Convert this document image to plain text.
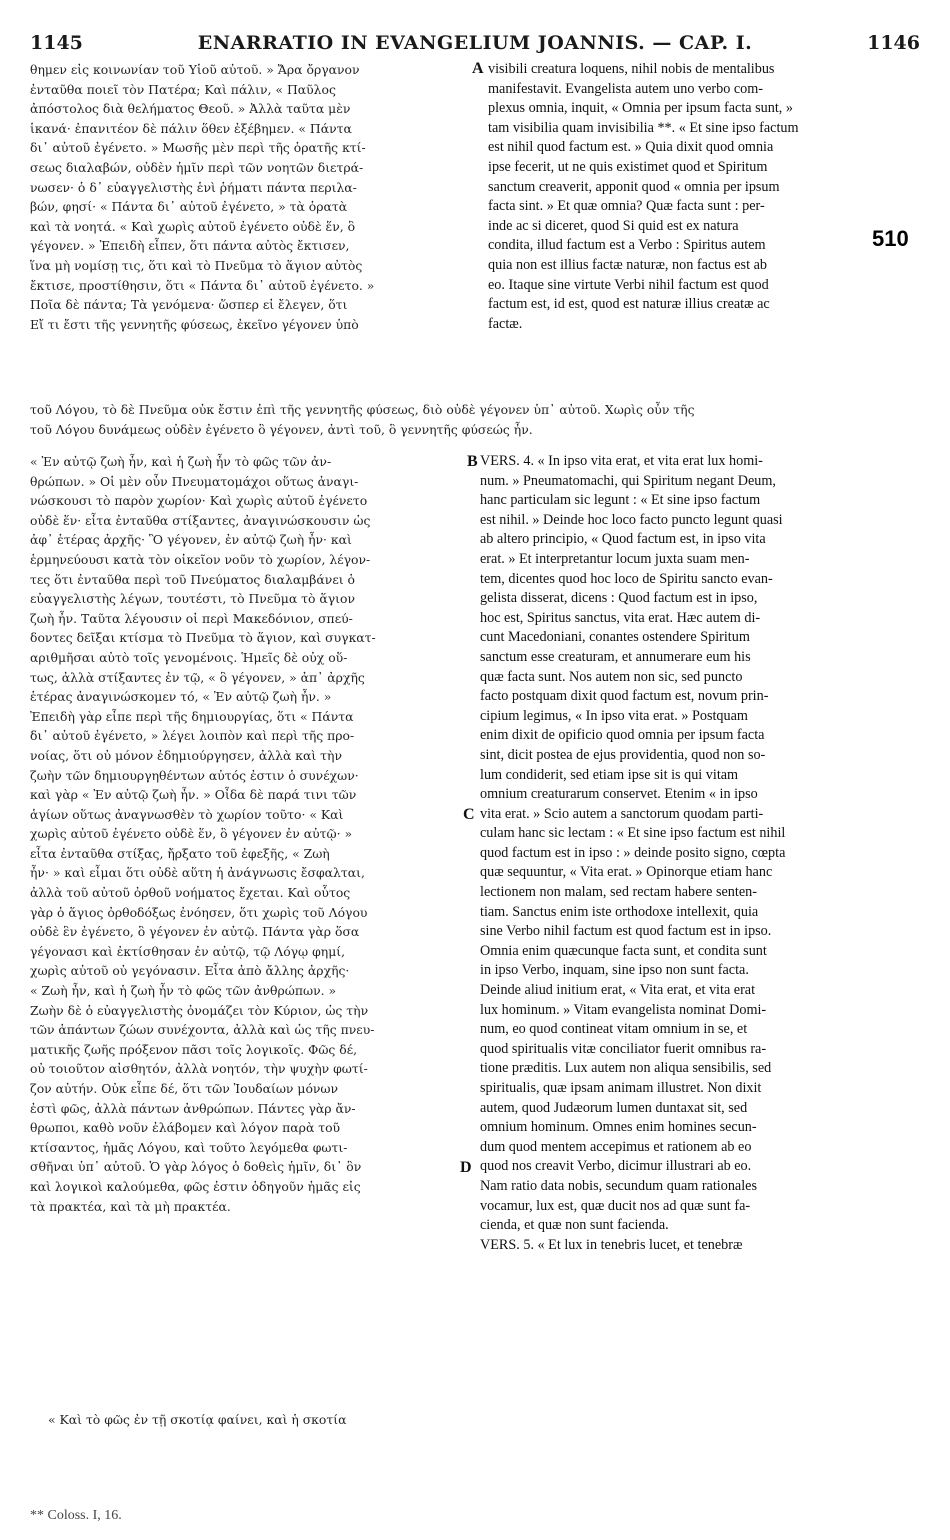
1145	ENARRATIO IN EVANGELIUM JOANNIS. — CAP. I.	1146
θημεν εἰς κοινωνίαν τοῦ Υἱοῦ αὐτοῦ. » Ἄρα ὄργανον
ἐνταῦθα ποιεῖ τὸν Πατέρα; Καὶ πάλιν, « Παῦλος
ἀπόστολος διὰ θελήματος Θεοῦ. » Ἀλλὰ ταῦτα μὲν
ἱκανά· ἐπανιτέον δὲ πάλιν ὅθεν ἐξέβημεν. « Πάντα
δι᾽ αὐτοῦ ἐγένετο. » Μωσῆς μὲν περὶ τῆς ὁρατῆς κτί-
σεως διαλαβών, οὐδὲν ἡμῖν περὶ τῶν νοητῶν διετρά-
νωσεν· ὁ δ᾽ εὐαγγελιστὴς ἑνὶ ῥήματι πάντα περιλα-
βών, φησί· « Πάντα δι᾽ αὐτοῦ ἐγένετο, » τὰ ὁρατὰ
καὶ τὰ νοητά. « Καὶ χωρὶς αὐτοῦ ἐγένετο οὐδὲ ἕν, ὃ
γέγονεν. » Ἐπειδὴ εἶπεν, ὅτι πάντα αὐτὸς ἔκτισεν,
ἵνα μὴ νομίσῃ τις, ὅτι καὶ τὸ Πνεῦμα τὸ ἅγιον αὐτὸς
ἔκτισε, προστίθησιν, ὅτι « Πάντα δι᾽ αὐτοῦ ἐγένετο. »
Ποῖα δὲ πάντα; Τὰ γενόμενα· ὥσπερ εἰ ἔλεγεν, ὅτι
Εἴ τι ἔστι τῆς γεννητῆς φύσεως, ἐκεῖνο γέγονεν ὑπὸ
A visibili creatura loquens, nihil nobis de mentalibus
manifestavit. Evangelista autem uno verbo com-
plexus omnia, inquit, « Omnia per ipsum facta sunt, »
tam visibilia quam invisibilia **. « Et sine ipso factum
est nihil quod factum est. » Quia dixit quod omnia
ipse fecerit, ut ne quis existimet quod et Spiritum
sanctum creaverit, apponit quod « omnia per ipsum
facta sint. » Et quæ omnia? Quæ facta sunt : per-
inde ac si diceret, quod Si quid est ex natura
condita, illud factum est a Verbo : Spiritus autem
quia non est illius factæ naturæ, non factus est ab
eo. Itaque sine virtute Verbi nihil factum est quod
factum est, id est, quod est naturæ illius creatæ ac
factæ.
510
τοῦ Λόγου, τὸ δὲ Πνεῦμα οὐκ ἔστιν ἐπὶ τῆς γεννητῆς φύσεως, διὸ οὐδὲ γέγονεν ὑπ᾽ αὐτοῦ. Χωρὶς οὖν τῆς
τοῦ Λόγου δυνάμεως οὐδὲν ἐγένετο ὃ γέγονεν, ἀντὶ τοῦ, ὃ γεννητῆς φύσεώς ἦν.
« Ἐν αὐτῷ ζωὴ ἦν, καὶ ἡ ζωὴ ἦν τὸ φῶς τῶν ἀν-
θρώπων. » Οἱ μὲν οὖν Πνευματομάχοι οὕτως ἀναγι-
νώσκουσι τὸ παρὸν χωρίον· Καὶ χωρὶς αὐτοῦ ἐγένετο
οὐδὲ ἕν· εἶτα ἐνταῦθα στίξαντες, ἀναγινώσκουσιν ὡς
ἀφ᾽ ἑτέρας ἀρχῆς· Ὃ γέγονεν, ἐν αὐτῷ ζωὴ ἦν· καὶ
ἑρμηνεύουσι κατὰ τὸν οἰκεῖον νοῦν τὸ χωρίον, λέγον-
τες ὅτι ἐνταῦθα περὶ τοῦ Πνεύματος διαλαμβάνει ὁ
εὐαγγελιστὴς λέγων, τουτέστι, τὸ Πνεῦμα τὸ ἅγιον
ζωὴ ἦν. Ταῦτα λέγουσιν οἱ περὶ Μακεδόνιον, σπεύ-
δοντες δεῖξαι κτίσμα τὸ Πνεῦμα τὸ ἅγιον, καὶ συγκατ-
αριθμῆσαι αὐτὸ τοῖς γενομένοις. Ἡμεῖς δὲ οὐχ οὕ-
τως, ἀλλὰ στίξαντες ἐν τῷ, « ὃ γέγονεν, » ἀπ᾽ ἀρχῆς
ἑτέρας ἀναγινώσκομεν τό, « Ἐν αὐτῷ ζωὴ ἦν. »
Ἐπειδὴ γὰρ εἶπε περὶ τῆς δημιουργίας, ὅτι « Πάντα
δι᾽ αὐτοῦ ἐγένετο, » λέγει λοιπὸν καὶ περὶ τῆς προ-
νοίας, ὅτι οὐ μόνον ἐδημιούργησεν, ἀλλὰ καὶ τὴν
ζωὴν τῶν δημιουργηθέντων αὐτός ἐστιν ὁ συνέχων·
καὶ γὰρ « Ἐν αὐτῷ ζωὴ ἦν. » Οἶδα δὲ παρά τινι τῶν
ἁγίων οὕτως ἀναγνωσθὲν τὸ χωρίον τοῦτο· « Καὶ
χωρὶς αὐτοῦ ἐγένετο οὐδὲ ἕν, ὃ γέγονεν ἐν αὐτῷ· »
εἶτα ἐνταῦθα στίξας, ἤρξατο τοῦ ἐφεξῆς, « Ζωὴ
ἦν· » καὶ εἶμαι ὅτι οὐδὲ αὕτη ἡ ἀνάγνωσις ἔσφαλται,
ἀλλὰ τοῦ αὐτοῦ ὀρθοῦ νοήματος ἔχεται. Καὶ οὗτος
γὰρ ὁ ἅγιος ὀρθοδόξως ἐνόησεν, ὅτι χωρὶς τοῦ Λόγου
οὐδὲ ἓν ἐγένετο, ὃ γέγονεν ἐν αὐτῷ. Πάντα γὰρ ὅσα
γέγονασι καὶ ἐκτίσθησαν ἐν αὐτῷ, τῷ Λόγῳ φημί,
χωρὶς αὐτοῦ οὐ γεγόνασιν. Εἶτα ἀπὸ ἄλλης ἀρχῆς·
« Ζωὴ ἦν, καὶ ἡ ζωὴ ἦν τὸ φῶς τῶν ἀνθρώπων. »
Ζωὴν δὲ ὁ εὐαγγελιστὴς ὀνομάζει τὸν Κύριον, ὡς τὴν
τῶν ἁπάντων ζώων συνέχοντα, ἀλλὰ καὶ ὡς τῆς πνευ-
ματικῆς ζωῆς πρόξενον πᾶσι τοῖς λογικοῖς. Φῶς δέ,
οὐ τοιοῦτον αἰσθητόν, ἀλλὰ νοητόν, τὴν ψυχὴν φωτί-
ζον αὐτήν. Οὐκ εἶπε δέ, ὅτι τῶν Ἰουδαίων μόνων
ἐστὶ φῶς, ἀλλὰ πάντων ἀνθρώπων. Πάντες γὰρ ἄν-
θρωποι, καθὸ νοῦν ἐλάβομεν καὶ λόγον παρὰ τοῦ
κτίσαντος, ἡμᾶς Λόγου, καὶ τοῦτο λεγόμεθα φωτι-
σθῆναι ὑπ᾽ αὐτοῦ. Ὁ γὰρ λόγος ὁ δοθεὶς ἡμῖν, δι᾽ ὃν
καὶ λογικοὶ καλούμεθα, φῶς ἐστιν ὁδηγοῦν ἡμᾶς εἰς
τὰ πρακτέα, καὶ τὰ μὴ πρακτέα.
B
C
D
VERS. 4. « In ipso vita erat, et vita erat lux homi-
num. » Pneumatomachi, qui Spiritum negant Deum,
hanc particulam sic legunt : « Et sine ipso factum
est nihil. » Deinde hoc loco facto puncto legunt quasi
ab altero principio, « Quod factum est, in ipso vita
erat. » Et interpretantur locum juxta suam men-
tem, dicentes quod hoc loco de Spiritu sancto evan-
gelista disserat, dicens : Quod factum est in ipso,
hoc est, Spiritus sanctus, vita erat. Hæc autem di-
cunt Macedoniani, conantes ostendere Spiritum
sanctum esse creaturam, et annumerare eum his
quæ facta sunt. Nos autem non sic, sed puncto
facto postquam dixit quod factum est, novum prin-
cipium legimus, « In ipso vita erat. » Postquam
enim dixit de opificio quod omnia per ipsum facta
sint, dicit postea de ejus providentia, quod non so-
lum condiderit, sed etiam ipse sit is qui vitam
omnium creaturarum conservet. Etenim « in ipso
vita erat. » Scio autem a sanctorum quodam parti-
culam hanc sic lectam : « Et sine ipso factum est nihil
quod factum est in ipso : » deinde posito signo, cœpta
quæ sequuntur, « Vita erat. » Opinorque etiam hanc
lectionem non malam, sed rectam habere senten-
tiam. Sanctus enim iste orthodoxe intellexit, quia
sine Verbo nihil factum est quod factum est in ipso.
Omnia enim quæcunque facta sunt, et condita sunt
in ipso Verbo, inquam, sine ipso non sunt facta.
Deinde aliud initium erat, « Vita erat, et vita erat
lux hominum. » Vitam evangelista nominat Domi-
num, eo quod contineat vitam omnium in se, et
quod spiritualis vitæ conciliator fuerit omnibus ra-
tione præditis. Lux autem non aliqua sensibilis, sed
spiritualis, quæ ipsam animam illustret. Non dixit
autem, quod Judæorum lumen duntaxat sit, sed
omnium hominum. Omnes enim homines secun-
dum quod mentem accepimus et rationem ab eo
quod nos creavit Verbo, dicimur illustrari ab eo.
Nam ratio data nobis, secundum quam rationales
vocamur, lux est, quæ ducit nos ad quæ sunt fa-
cienda, et quæ non sunt facienda.
VERS. 5. « Et lux in tenebris lucet, et tenebræ
« Καὶ τὸ φῶς ἐν τῇ σκοτίᾳ φαίνει, καὶ ἡ σκοτία
** Coloss. I, 16.
